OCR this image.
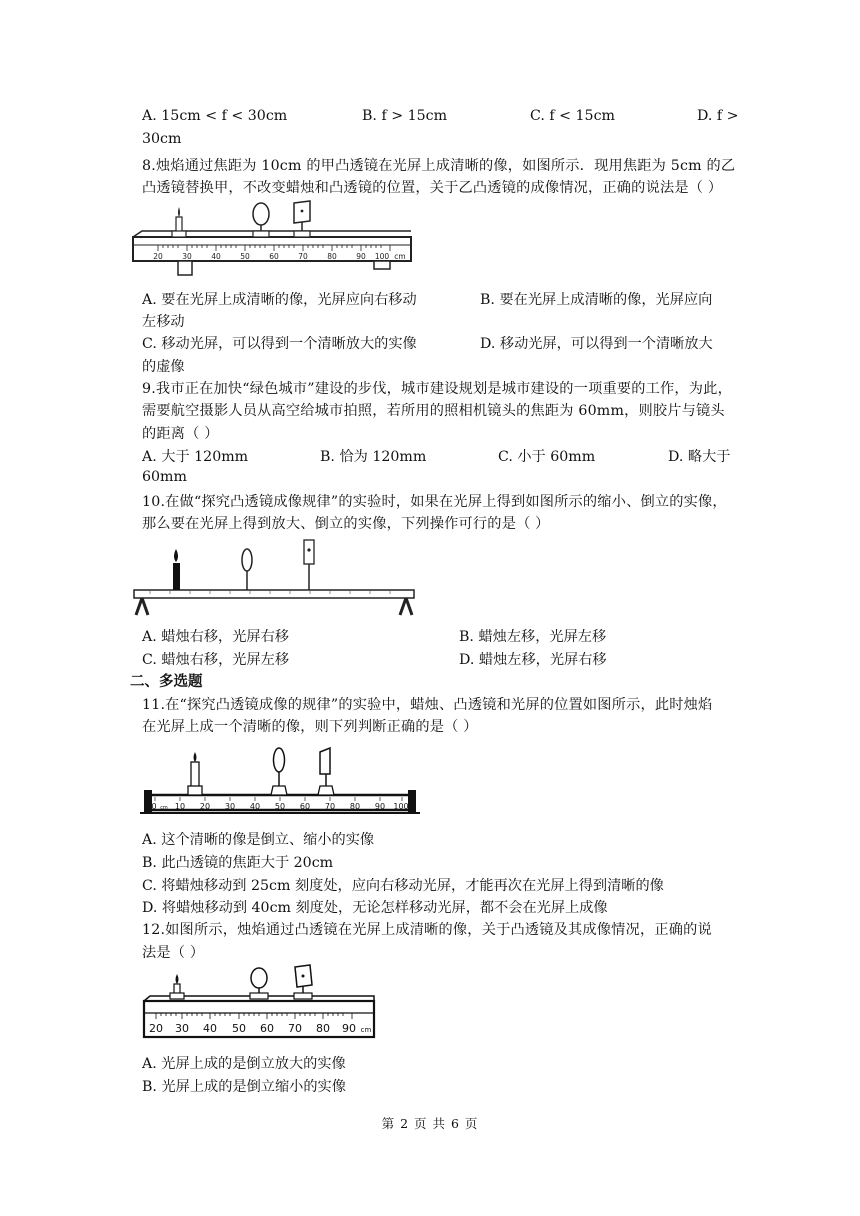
A. 15cm < f < 30cm	B. f > 15cm	C. f < 15cm	D. f >
30cm
8.烛焰通过焦距为 10cm 的甲凸透镜在光屏上成清晰的像，如图所示．现用焦距为 5cm 的乙
凸透镜替换甲，不改变蜡烛和凸透镜的位置，关于乙凸透镜的成像情况，正确的说法是（ ）
20	30	40	50	60	70	80	90 100 cm
A. 要在光屏上成清晰的像，光屏应向右移动	B. 要在光屏上成清晰的像，光屏应向
左移动
C. 移动光屏，可以得到一个清晰放大的实像	D. 移动光屏，可以得到一个清晰放大
的虚像
9.我市正在加快“绿色城市”建设的步伐，城市建设规划是城市建设的一项重要的工作，为此，
需要航空摄影人员从高空给城市拍照，若所用的照相机镜头的焦距为 60mm，则胶片与镜头
的距离（ ）
A. 大于 120mm	B. 恰为 120mm	C. 小于 60mm	D. 略大于
60mm
10.在做“探究凸透镜成像规律”的实验时，如果在光屏上得到如图所示的缩小、倒立的实像，
那么要在光屏上得到放大、倒立的实像，下列操作可行的是（ ）
A. 蜡烛右移，光屏右移	B. 蜡烛左移，光屏左移
C. 蜡烛右移，光屏左移	D. 蜡烛左移，光屏右移
二、多选题
11.在“探究凸透镜成像的规律”的实验中，蜡烛、凸透镜和光屏的位置如图所示，此时烛焰
在光屏上成一个清晰的像，则下列判断正确的是（ ）
0 cm 10 20 30 40 50 60 70 80 90 100
A. 这个清晰的像是倒立、缩小的实像
B. 此凸透镜的焦距大于 20cm
C. 将蜡烛移动到 25cm 刻度处，应向右移动光屏，才能再次在光屏上得到清晰的像
D. 将蜡烛移动到 40cm 刻度处，无论怎样移动光屏，都不会在光屏上成像
12.如图所示，烛焰通过凸透镜在光屏上成清晰的像，关于凸透镜及其成像情况，正确的说
法是（ ）
20 30 40 50 60 70 80 90 cm
A. 光屏上成的是倒立放大的实像
B. 光屏上成的是倒立缩小的实像
第 2 页 共 6 页
